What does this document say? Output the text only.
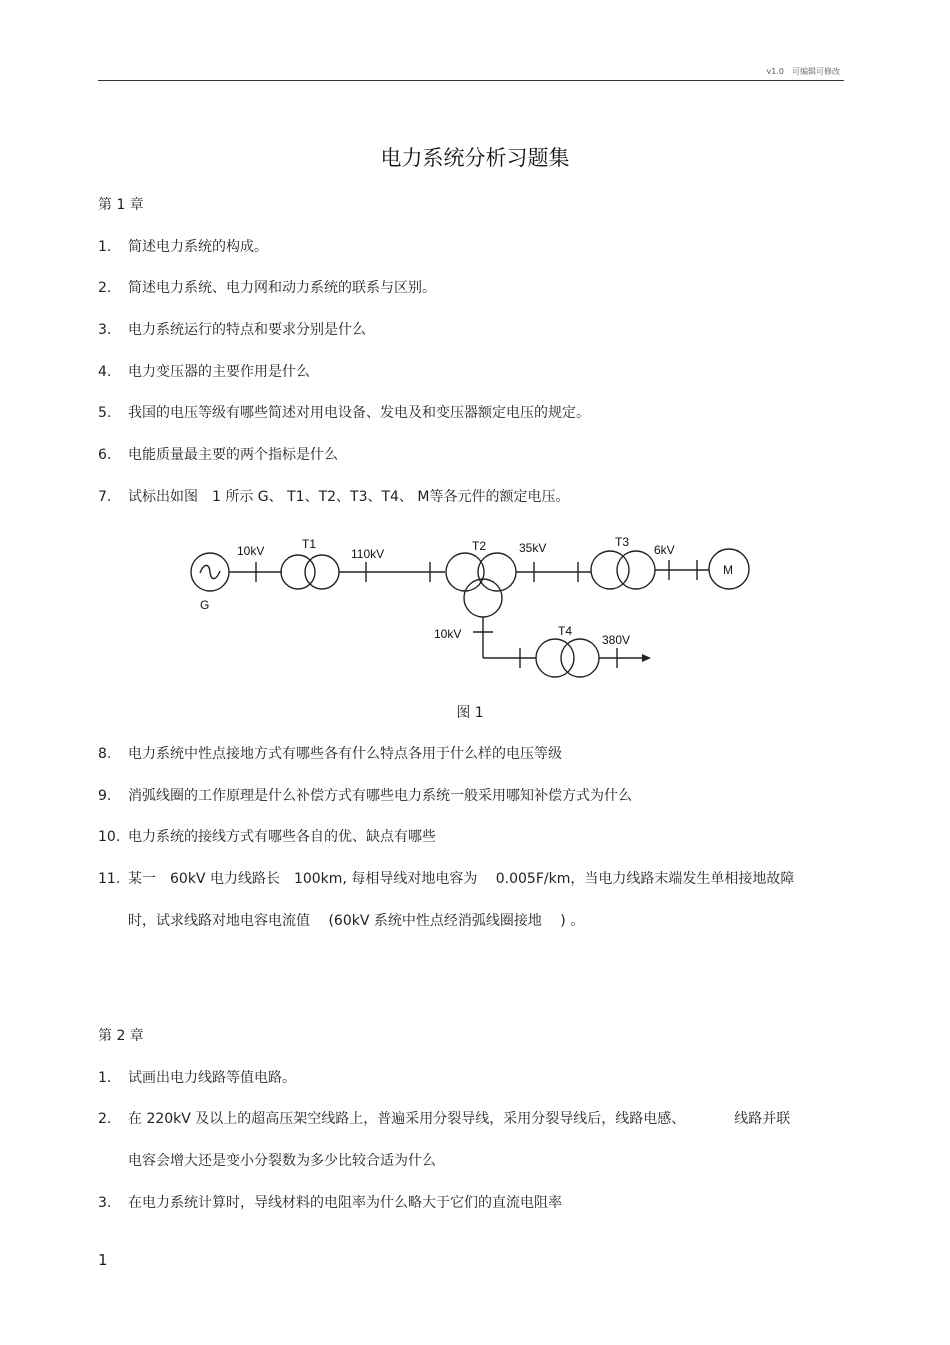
v1.0　可编辑可修改
电力系统分析习题集
第 1 章
1. 简述电力系统的构成。
2. 简述电力系统、电力网和动力系统的联系与区别。
3. 电力系统运行的特点和要求分别是什么
4. 电力变压器的主要作用是什么
5. 我国的电压等级有哪些简述对用电设备、发电及和变压器额定电压的规定。
6. 电能质量最主要的两个指标是什么
7. 试标出如图　1 所示 G、 T1、T2、T3、T4、 M等各元件的额定电压。
G
M
T1	T2	T3
T4
10kV	110kV	35kV	6kV
10kV	380V
图 1
8. 电力系统中性点接地方式有哪些各有什么特点各用于什么样的电压等级
9. 消弧线圈的工作原理是什么补偿方式有哪些电力系统一般采用哪知补偿方式为什么
10. 电力系统的接线方式有哪些各自的优、缺点有哪些
11. 某一　60kV 电力线路长　100km, 每相导线对地电容为　 0.005F/km，当电力线路末端发生单相接地故障
时，试求线路对地电容电流值　 (60kV 系统中性点经消弧线圈接地　 ) 。
第 2 章
1. 试画出电力线路等值电路。
2. 在 220kV 及以上的超高压架空线路上，普遍采用分裂导线，采用分裂导线后，线路电感、　　　　线路并联
电容会增大还是变小分裂数为多少比较合适为什么
3. 在电力系统计算时，导线材料的电阻率为什么略大于它们的直流电阻率
1
